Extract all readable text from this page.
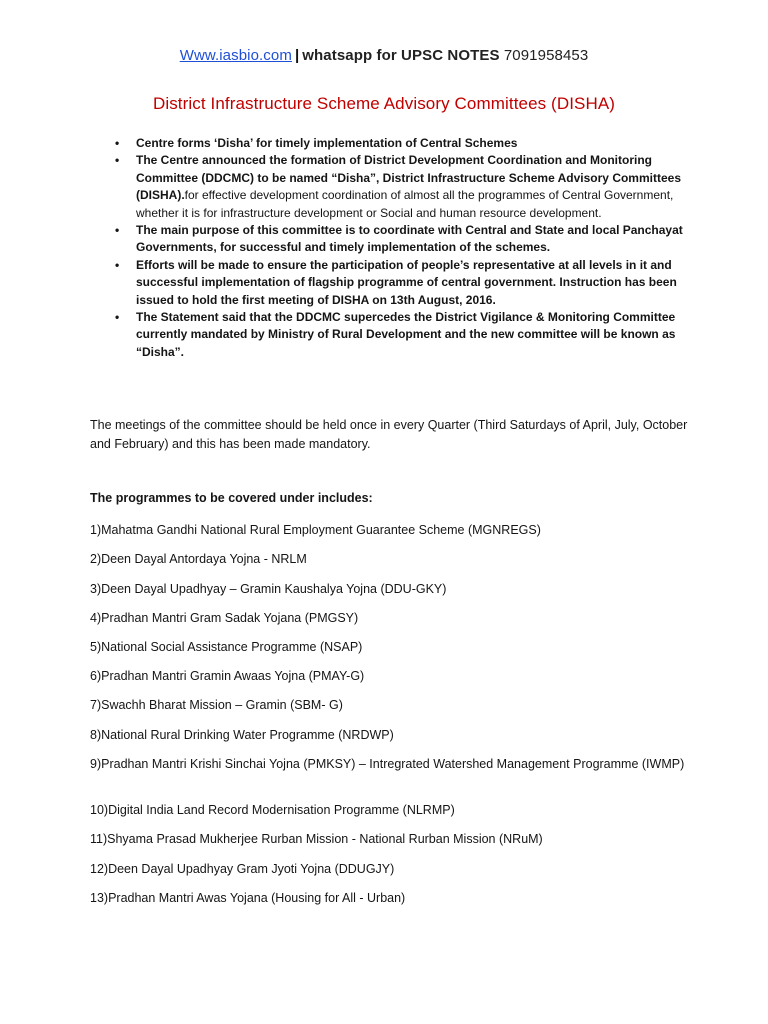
Www.iasbio.com | whatsapp for UPSC NOTES 7091958453
District Infrastructure Scheme Advisory Committees (DISHA)
• Centre forms ‘Disha’ for timely implementation of Central Schemes
• The Centre announced the formation of District Development Coordination and Monitoring Committee (DDCMC) to be named “Disha”, District Infrastructure Scheme Advisory Committees (DISHA).for effective development coordination of almost all the programmes of Central Government, whether it is for infrastructure development or Social and human resource development.
• The main purpose of this committee is to coordinate with Central and State and local Panchayat Governments, for successful and timely implementation of the schemes.
• Efforts will be made to ensure the participation of people’s representative at all levels in it and successful implementation of flagship programme of central government. Instruction has been issued to hold the first meeting of DISHA on 13th August, 2016.
• The Statement said that the DDCMC supercedes the District Vigilance & Monitoring Committee currently mandated by Ministry of Rural Development and the new committee will be known as “Disha”.
The meetings of the committee should be held once in every Quarter (Third Saturdays of April, July, October and February) and this has been made mandatory.
The programmes to be covered under includes:
1)Mahatma Gandhi National Rural Employment Guarantee Scheme (MGNREGS)
2)Deen Dayal Antordaya Yojna - NRLM
3)Deen Dayal Upadhyay – Gramin Kaushalya Yojna (DDU-GKY)
4)Pradhan Mantri Gram Sadak Yojana (PMGSY)
5)National Social Assistance Programme (NSAP)
6)Pradhan Mantri Gramin Awaas Yojna (PMAY-G)
7)Swachh Bharat Mission – Gramin (SBM- G)
8)National Rural Drinking Water Programme (NRDWP)
9)Pradhan Mantri Krishi Sinchai Yojna (PMKSY) – Intregrated Watershed Management Programme (IWMP)
10)Digital India Land Record Modernisation Programme (NLRMP)
11)Shyama Prasad Mukherjee Rurban Mission - National Rurban Mission (NRuM)
12)Deen Dayal Upadhyay Gram Jyoti Yojna (DDUGJY)
13)Pradhan Mantri Awas Yojana (Housing for All - Urban)
